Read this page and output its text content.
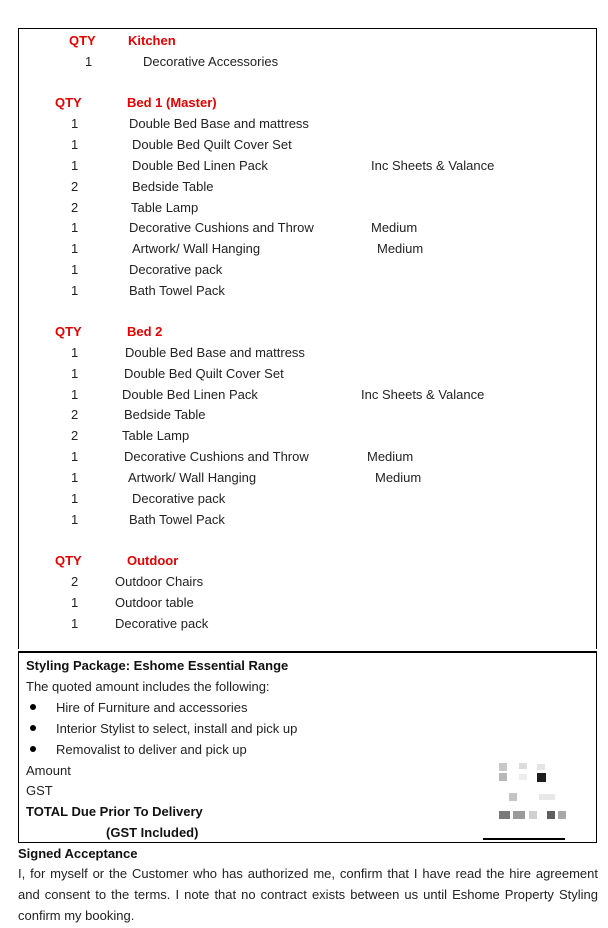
QTY Kitchen
1	Decorative Accessories
QTY	Bed 1 (Master)
1	Double Bed Base and mattress
1	Double Bed Quilt Cover Set
1	Double Bed Linen Pack	Inc Sheets & Valance
2	Bedside Table
2	Table Lamp
1	Decorative Cushions and Throw	Medium
1	Artwork/ Wall Hanging	Medium
1	Decorative pack
1	Bath Towel Pack
QTY	Bed 2
1	Double Bed Base and mattress
1	Double Bed Quilt Cover Set
1	Double Bed Linen Pack	Inc Sheets & Valance
2	Bedside Table
2	Table Lamp
1	Decorative Cushions and Throw	Medium
1	Artwork/ Wall Hanging	Medium
1	Decorative pack
1	Bath Towel Pack
QTY	Outdoor
2	Outdoor Chairs
1	Outdoor table
1	Decorative pack
Styling Package: Eshome Essential Range
The quoted amount includes the following:
Hire of Furniture and accessories
Interior Stylist to select, install and pick up
Removalist to deliver and pick up
Amount
GST
TOTAL Due Prior To Delivery
(GST Included)
Signed Acceptance
I, for myself or the Customer who has authorized me, confirm that I have read the hire agreement and consent to the terms. I note that no contract exists between us until Eshome Property Styling confirm my booking.
